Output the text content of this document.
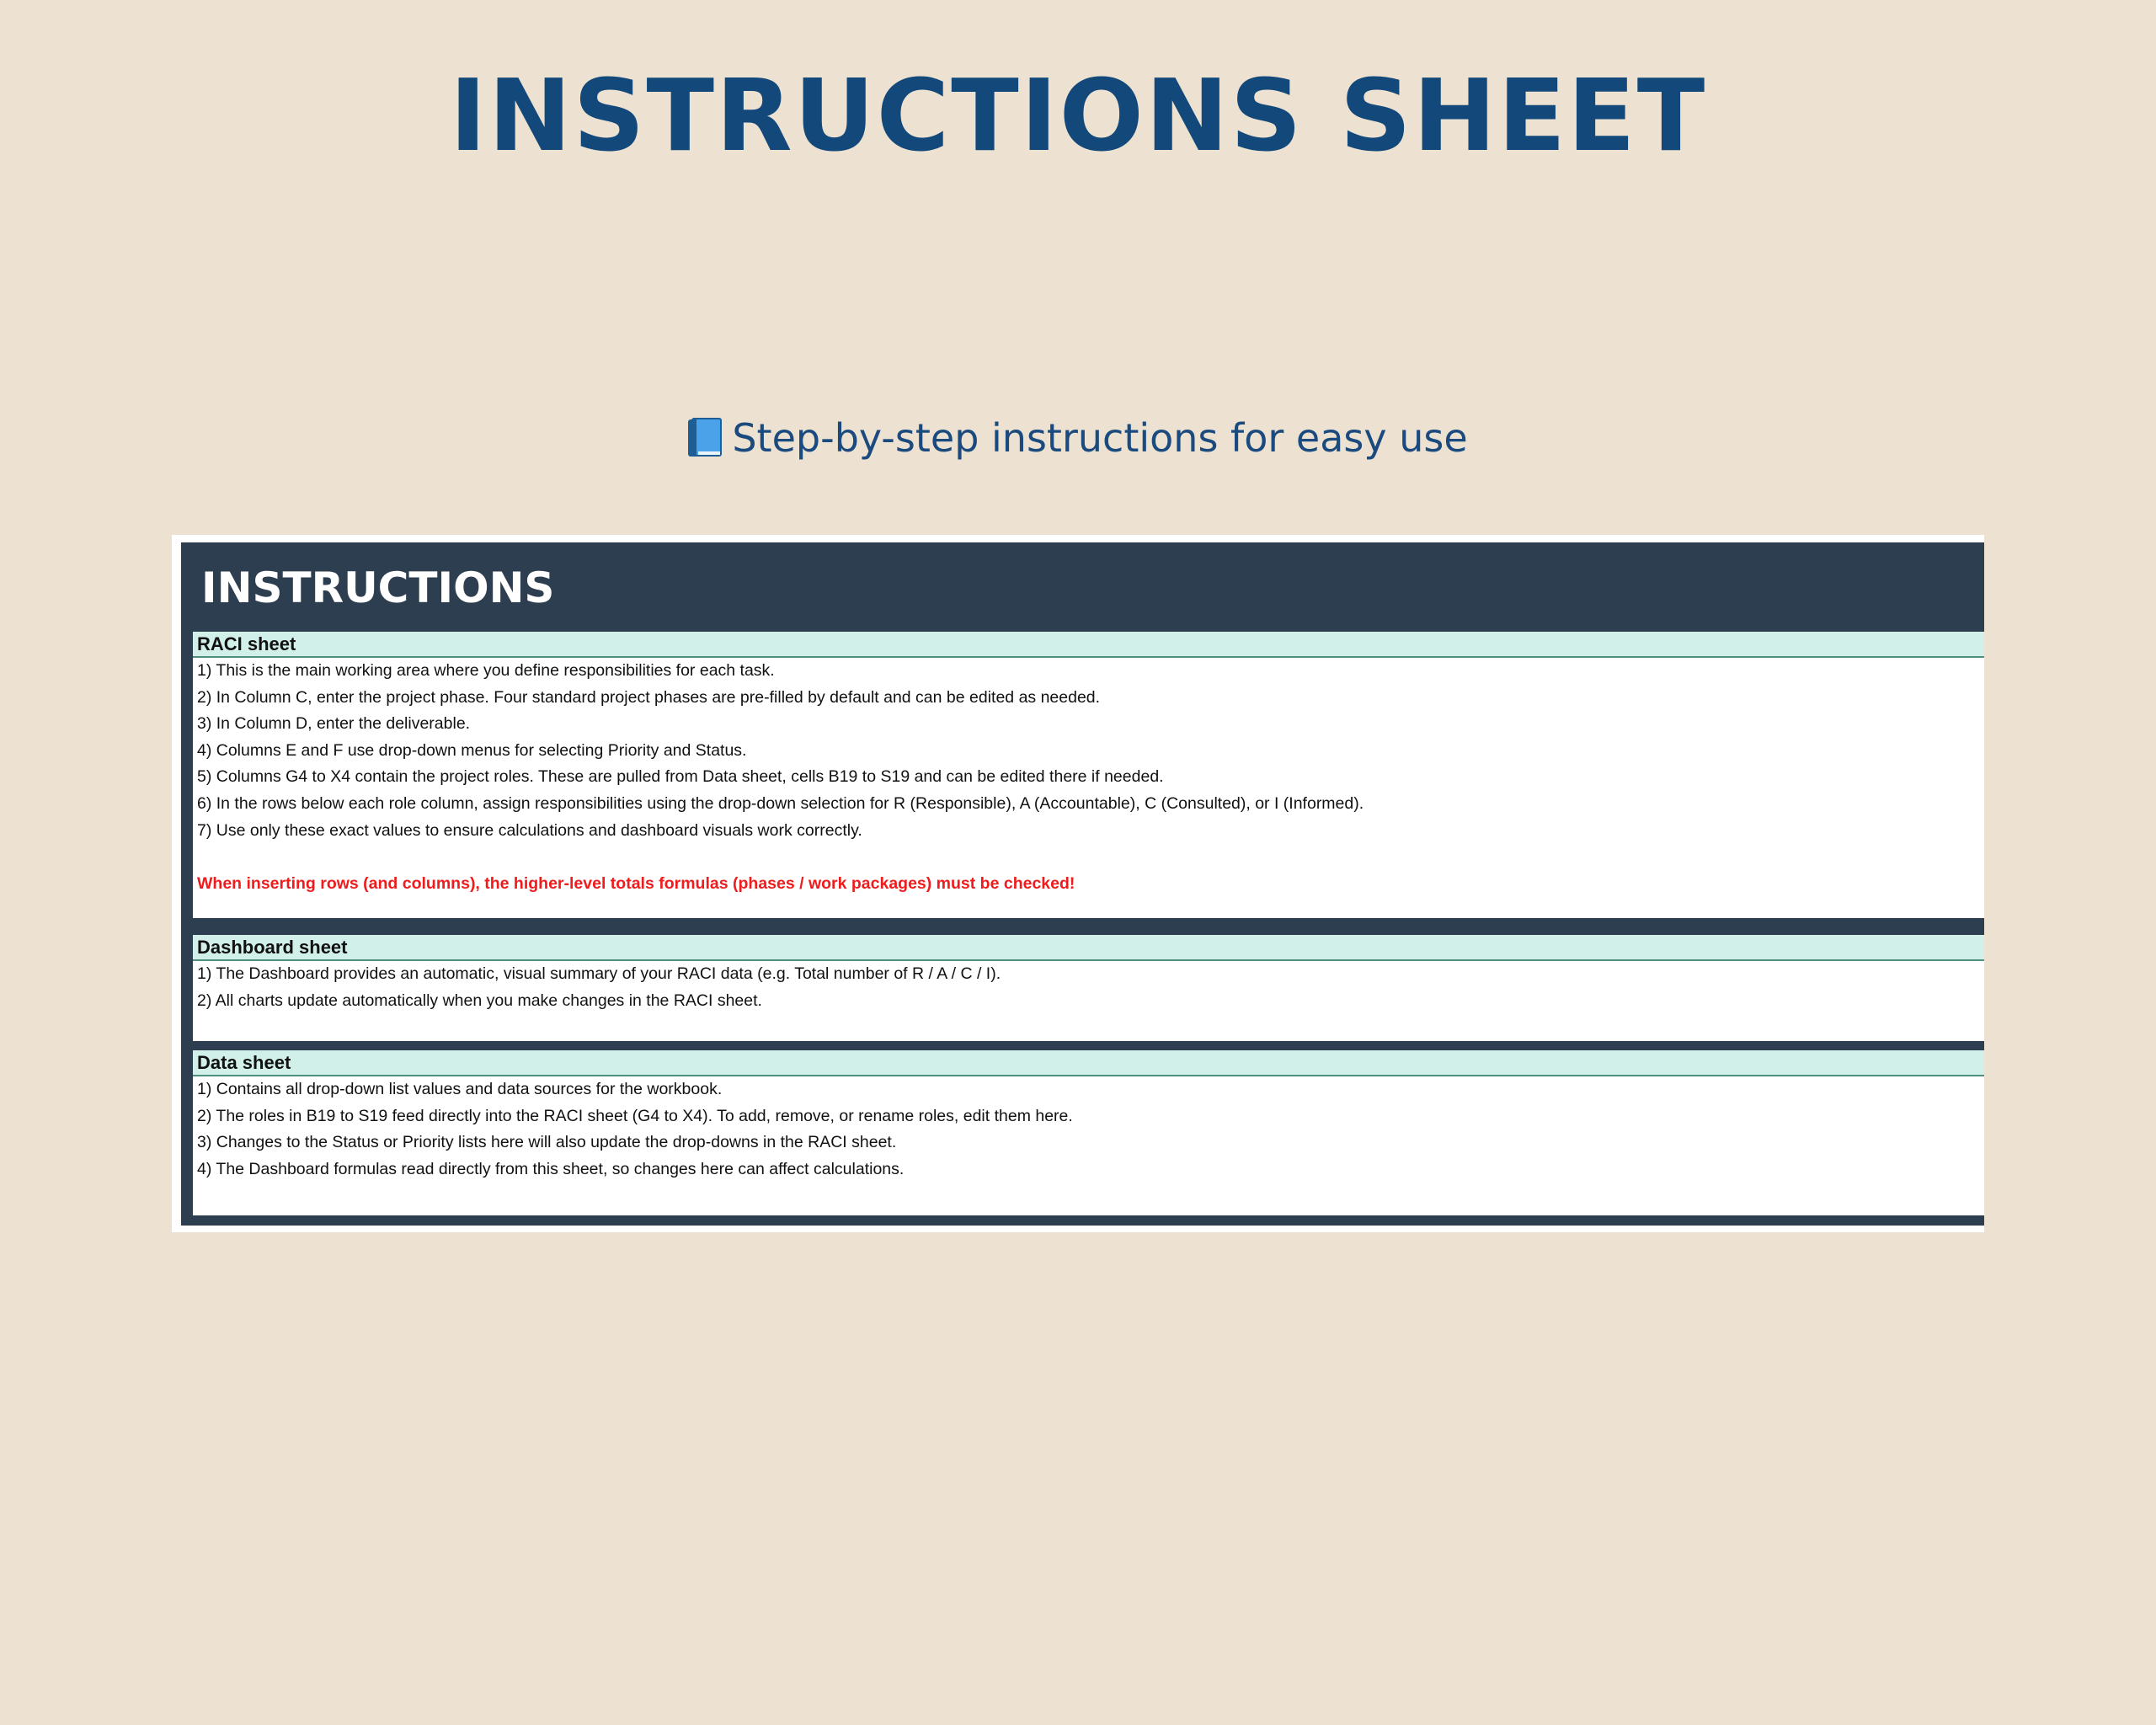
INSTRUCTIONS SHEET
Step-by-step instructions for easy use
INSTRUCTIONS
RACI sheet
1) This is the main working area where you define responsibilities for each task.
2) In Column C, enter the project phase. Four standard project phases are pre-filled by default and can be edited as needed.
3) In Column D, enter the deliverable.
4) Columns E and F use drop-down menus for selecting Priority and Status.
5) Columns G4 to X4 contain the project roles. These are pulled from Data sheet, cells B19 to S19 and can be edited there if needed.
6) In the rows below each role column, assign responsibilities using the drop-down selection for R (Responsible), A (Accountable), C (Consulted), or I (Informed).
7) Use only these exact values to ensure calculations and dashboard visuals work correctly.
When inserting rows (and columns), the higher-level totals formulas (phases / work packages) must be checked!
Dashboard sheet
1) The Dashboard provides an automatic, visual summary of your RACI data (e.g. Total number of R / A / C / I).
2) All charts update automatically when you make changes in the RACI sheet.
Data sheet
1) Contains all drop-down list values and data sources for the workbook.
2) The roles in B19 to S19 feed directly into the RACI sheet (G4 to X4). To add, remove, or rename roles, edit them here.
3) Changes to the Status or Priority lists here will also update the drop-downs in the RACI sheet.
4) The Dashboard formulas read directly from this sheet, so changes here can affect calculations.
